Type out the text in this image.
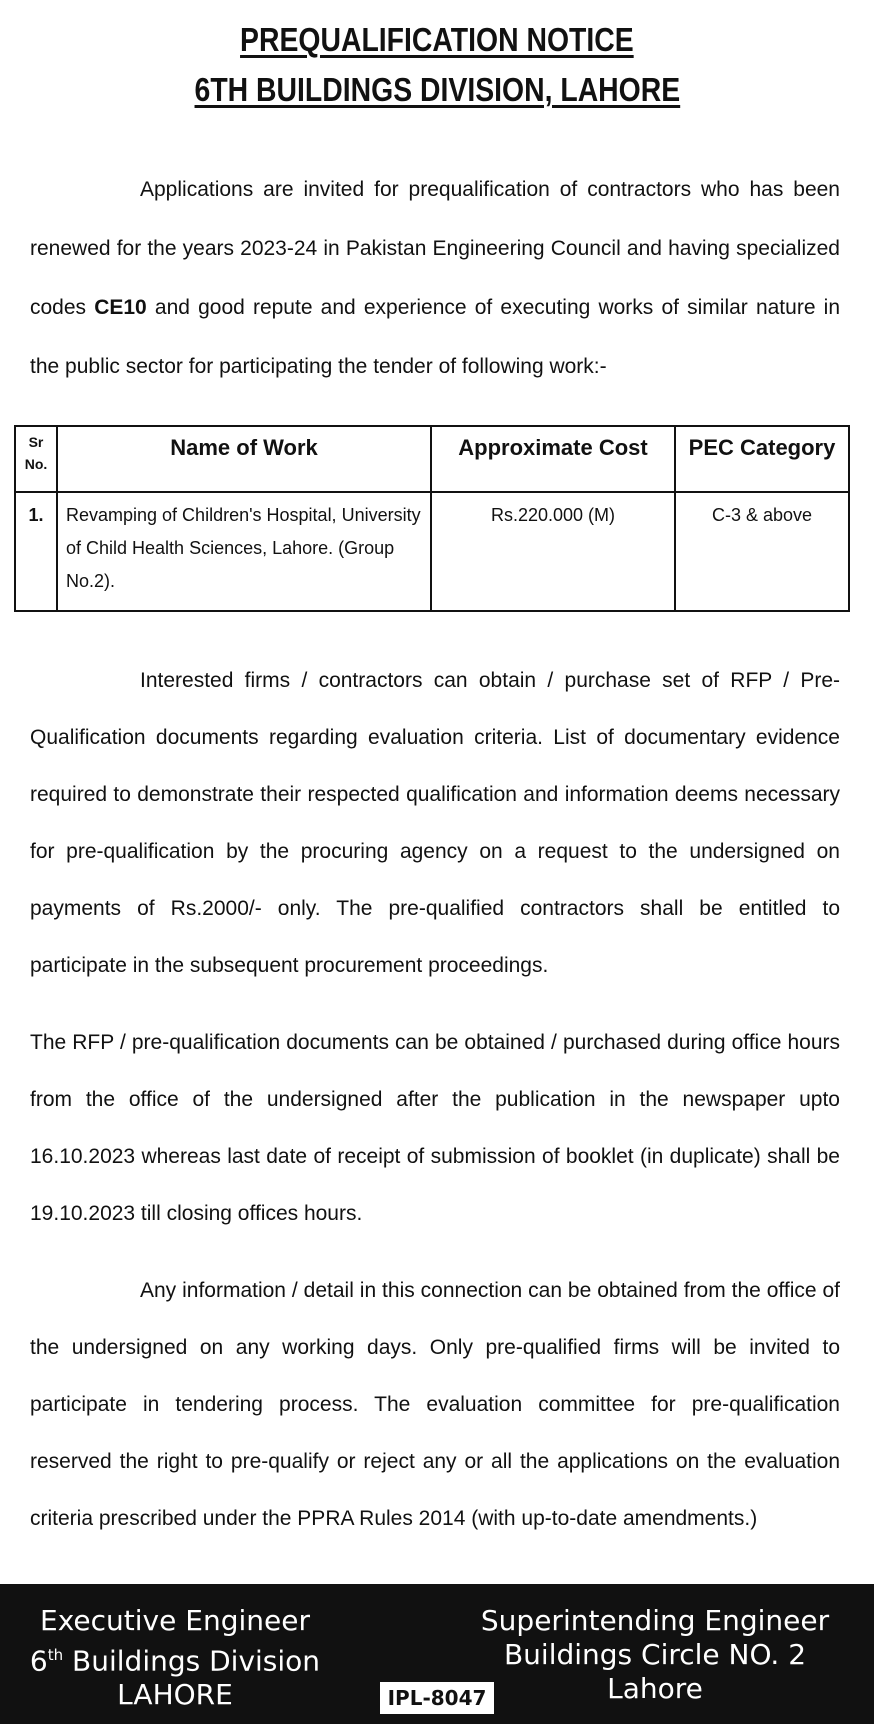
PREQUALIFICATION NOTICE
6TH BUILDINGS DIVISION, LAHORE
Applications are invited for prequalification of contractors who has been renewed for the years 2023-24 in Pakistan Engineering Council and having specialized codes CE10 and good repute and experience of executing works of similar nature in the public sector for participating the tender of following work:-
Sr No.	Name of Work	Approximate Cost	PEC Category
1.	Revamping of Children's Hospital, University of Child Health Sciences, Lahore. (Group No.2).	Rs.220.000 (M)	C-3 & above
Interested firms / contractors can obtain / purchase set of RFP / Pre-Qualification documents regarding evaluation criteria. List of documentary evidence required to demonstrate their respected qualification and information deems necessary for pre-qualification by the procuring agency on a request to the undersigned on payments of Rs.2000/- only. The pre-qualified contractors shall be entitled to participate in the subsequent procurement proceedings.
The RFP / pre-qualification documents can be obtained / purchased during office hours from the office of the undersigned after the publication in the newspaper upto 16.10.2023 whereas last date of receipt of submission of booklet (in duplicate) shall be 19.10.2023 till closing offices hours.
Any information / detail in this connection can be obtained from the office of the undersigned on any working days. Only pre-qualified firms will be invited to participate in tendering process. The evaluation committee for pre-qualification reserved the right to pre-qualify or reject any or all the applications on the evaluation criteria prescribed under the PPRA Rules 2014 (with up-to-date amendments.)
Executive Engineer
6th Buildings Division
LAHORE
Superintending Engineer
Buildings Circle NO. 2
Lahore
IPL-8047
